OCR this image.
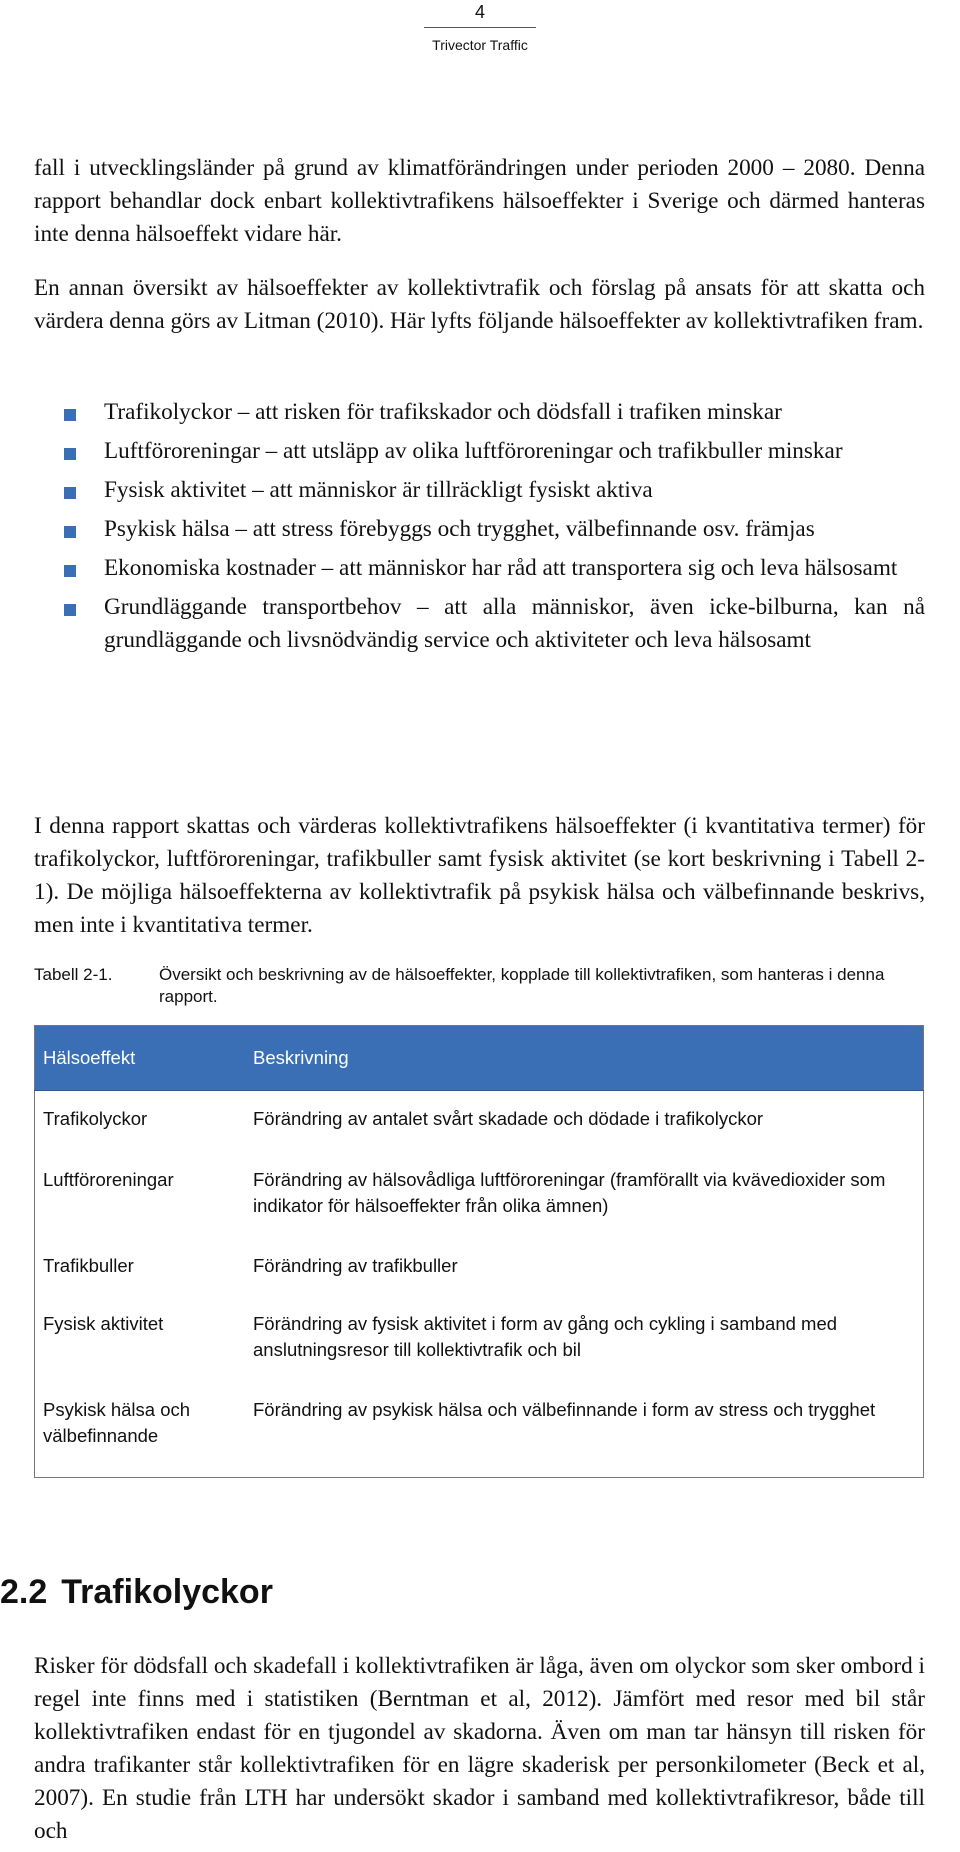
4
Trivector Traffic

fall i utvecklingsländer på grund av klimatförändringen under perioden 2000 – 2080. Denna rapport behandlar dock enbart kollektivtrafikens hälsoeffekter i Sverige och därmed hanteras inte denna hälsoeffekt vidare här.

En annan översikt av hälsoeffekter av kollektivtrafik och förslag på ansats för att skatta och värdera denna görs av Litman (2010). Här lyfts följande hälsoeffekter av kollektivtrafiken fram.

Trafikolyckor – att risken för trafikskador och dödsfall i trafiken minskar
Luftföroreningar – att utsläpp av olika luftföroreningar och trafikbuller minskar
Fysisk aktivitet – att människor är tillräckligt fysiskt aktiva
Psykisk hälsa – att stress förebyggs och trygghet, välbefinnande osv. främjas
Ekonomiska kostnader – att människor har råd att transportera sig och leva hälsosamt
Grundläggande transportbehov – att alla människor, även icke-bilburna, kan nå grundläggande och livsnödvändig service och aktiviteter och leva hälsosamt

I denna rapport skattas och värderas kollektivtrafikens hälsoeffekter (i kvantitativa termer) för trafikolyckor, luftföroreningar, trafikbuller samt fysisk aktivitet (se kort beskrivning i Tabell 2-1). De möjliga hälsoeffekterna av kollektivtrafik på psykisk hälsa och välbefinnande beskrivs, men inte i kvantitativa termer.

Tabell 2-1.	Översikt och beskrivning av de hälsoeffekter, kopplade till kollektivtrafiken, som hanteras i denna rapport.
Hälsoeffekt	Beskrivning
Trafikolyckor	Förändring av antalet svårt skadade och dödade i trafikolyckor
Luftföroreningar	Förändring av hälsovådliga luftföroreningar (framförallt via kvävedioxider som indikator för hälsoeffekter från olika ämnen)
Trafikbuller	Förändring av trafikbuller
Fysisk aktivitet	Förändring av fysisk aktivitet i form av gång och cykling i samband med anslutningsresor till kollektivtrafik och bil
Psykisk hälsa och välbefinnande	Förändring av psykisk hälsa och välbefinnande i form av stress och trygghet
2.2 Trafikolyckor

Risker för dödsfall och skadefall i kollektivtrafiken är låga, även om olyckor som sker ombord i regel inte finns med i statistiken (Berntman et al, 2012). Jämfört med resor med bil står kollektivtrafiken endast för en tjugondel av skadorna. Även om man tar hänsyn till risken för andra trafikanter står kollektivtrafiken för en lägre skaderisk per personkilometer (Beck et al, 2007). En studie från LTH har undersökt skador i samband med kollektivtrafikresor, både till och
